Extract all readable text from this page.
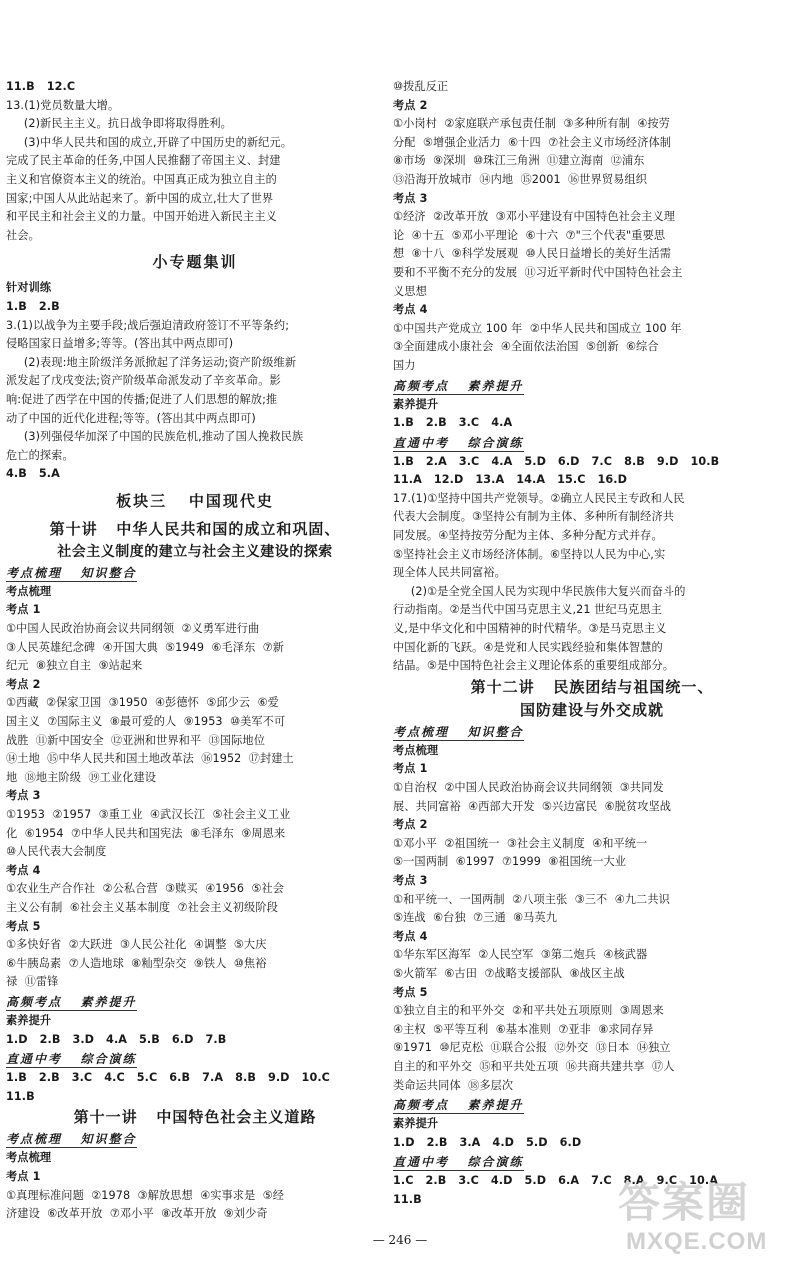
11.B   12.C

13.(1)党员数量大增。

(2)新民主主义。抗日战争即将取得胜利。

(3)中华人民共和国的成立,开辟了中国历史的新纪元。

完成了民主革命的任务,中国人民推翻了帝国主义、封建

主义和官僚资本主义的统治。中国真正成为独立自主的

国家;中国人从此站起来了。新中国的成立,壮大了世界

和平民主和社会主义的力量。中国开始进入新民主主义

社会。

小专题集训

针对训练

1.B   2.B

3.(1)以战争为主要手段;战后强迫清政府签订不平等条约;

侵略国家日益增多;等等。(答出其中两点即可)

(2)表现:地主阶级洋务派掀起了洋务运动;资产阶级维新

派发起了戊戌变法;资产阶级革命派发动了辛亥革命。影

响:促进了西学在中国的传播;促进了人们思想的解放;推

动了中国的近代化进程;等等。(答出其中两点即可)

(3)列强侵华加深了中国的民族危机,推动了国人挽救民族

危亡的探索。

4.B   5.A

板块三   中国现代史

第十讲   中华人民共和国的成立和巩固、

社会主义制度的建立与社会主义建设的探索

考点梳理   知识整合

考点梳理

考点 1

①中国人民政治协商会议共同纲领  ②义勇军进行曲

③人民英雄纪念碑  ④开国大典  ⑤1949  ⑥毛泽东  ⑦新

纪元  ⑧独立自主  ⑨站起来

考点 2

①西藏  ②保家卫国  ③1950  ④彭德怀  ⑤邱少云  ⑥爱

国主义  ⑦国际主义  ⑧最可爱的人  ⑨1953  ⑩美军不可

战胜  ⑪新中国安全  ⑫亚洲和世界和平  ⑬国际地位

⑭土地  ⑮中华人民共和国土地改革法  ⑯1952  ⑰封建土

地  ⑱地主阶级  ⑲工业化建设

考点 3

①1953  ②1957  ③重工业  ④武汉长江  ⑤社会主义工业

化  ⑥1954  ⑦中华人民共和国宪法  ⑧毛泽东  ⑨周恩来

⑩人民代表大会制度

考点 4

①农业生产合作社  ②公私合营  ③赎买  ④1956  ⑤社会

主义公有制  ⑥社会主义基本制度  ⑦社会主义初级阶段

考点 5

①多快好省  ②大跃进  ③人民公社化  ④调整  ⑤大庆

⑥牛胰岛素  ⑦人造地球  ⑧籼型杂交  ⑨铁人  ⑩焦裕

禄  ⑪雷锋

高频考点   素养提升

素养提升

1.D   2.B   3.D   4.A   5.B   6.D   7.B

直通中考   综合演练

1.B   2.B   3.C   4.C   5.C   6.B   7.A   8.B   9.D   10.C

11.B

第十一讲   中国特色社会主义道路

考点梳理   知识整合

考点梳理

考点 1

①真理标准问题  ②1978  ③解放思想  ④实事求是  ⑤经

济建设  ⑥改革开放  ⑦邓小平  ⑧改革开放  ⑨刘少奇

⑩拨乱反正

考点 2

①小岗村  ②家庭联产承包责任制  ③多种所有制  ④按劳

分配  ⑤增强企业活力  ⑥十四  ⑦社会主义市场经济体制

⑧市场  ⑨深圳  ⑩珠江三角洲  ⑪建立海南  ⑫浦东

⑬沿海开放城市  ⑭内地  ⑮2001  ⑯世界贸易组织

考点 3

①经济  ②改革开放  ③邓小平建设有中国特色社会主义理

论  ④十五  ⑤邓小平理论  ⑥十六  ⑦"三个代表"重要思

想  ⑧十八  ⑨科学发展观  ⑩人民日益增长的美好生活需

要和不平衡不充分的发展  ⑪习近平新时代中国特色社会主

义思想

考点 4

①中国共产党成立 100 年  ②中华人民共和国成立 100 年

③全面建成小康社会  ④全面依法治国  ⑤创新  ⑥综合

国力

高频考点   素养提升

素养提升

1.B   2.B   3.C   4.A

直通中考   综合演练

1.B   2.A   3.C   4.A   5.D   6.D   7.C   8.B   9.D   10.B

11.A   12.D   13.A   14.A   15.C   16.D

17.(1)①坚持中国共产党领导。②确立人民民主专政和人民

代表大会制度。③坚持公有制为主体、多种所有制经济共

同发展。④坚持按劳分配为主体、多种分配方式并存。

⑤坚持社会主义市场经济体制。⑥坚持以人民为中心,实

现全体人民共同富裕。

(2)①是全党全国人民为实现中华民族伟大复兴而奋斗的

行动指南。②是当代中国马克思主义,21 世纪马克思主

义,是中华文化和中国精神的时代精华。③是马克思主义

中国化新的飞跃。④是党和人民实践经验和集体智慧的

结晶。⑤是中国特色社会主义理论体系的重要组成部分。

第十二讲   民族团结与祖国统一、

国防建设与外交成就

考点梳理   知识整合

考点梳理

考点 1

①自治权  ②中国人民政治协商会议共同纲领  ③共同发

展、共同富裕  ④西部大开发  ⑤兴边富民  ⑥脱贫攻坚战

考点 2

①邓小平  ②祖国统一  ③社会主义制度  ④和平统一

⑤一国两制  ⑥1997  ⑦1999  ⑧祖国统一大业

考点 3

①和平统一、一国两制  ②八项主张  ③三不  ④九二共识

⑤连战  ⑥台独  ⑦三通  ⑧马英九

考点 4

①华东军区海军  ②人民空军  ③第二炮兵  ④核武器

⑤火箭军  ⑥古田  ⑦战略支援部队  ⑧战区主战

考点 5

①独立自主的和平外交  ②和平共处五项原则  ③周恩来

④主权  ⑤平等互利  ⑥基本准则  ⑦亚非  ⑧求同存异

⑨1971  ⑩尼克松  ⑪联合公报  ⑫外交  ⑬日本  ⑭独立

自主的和平外交  ⑮和平共处五项  ⑯共商共建共享  ⑰人

类命运共同体  ⑱多层次

高频考点   素养提升

素养提升

1.D   2.B   3.A   4.D   5.D   6.D

直通中考   综合演练

1.C   2.B   3.C   4.D   5.D   6.A   7.C   8.A   9.C   10.A

11.B

— 246 —
答案圈
MXQE.COM
